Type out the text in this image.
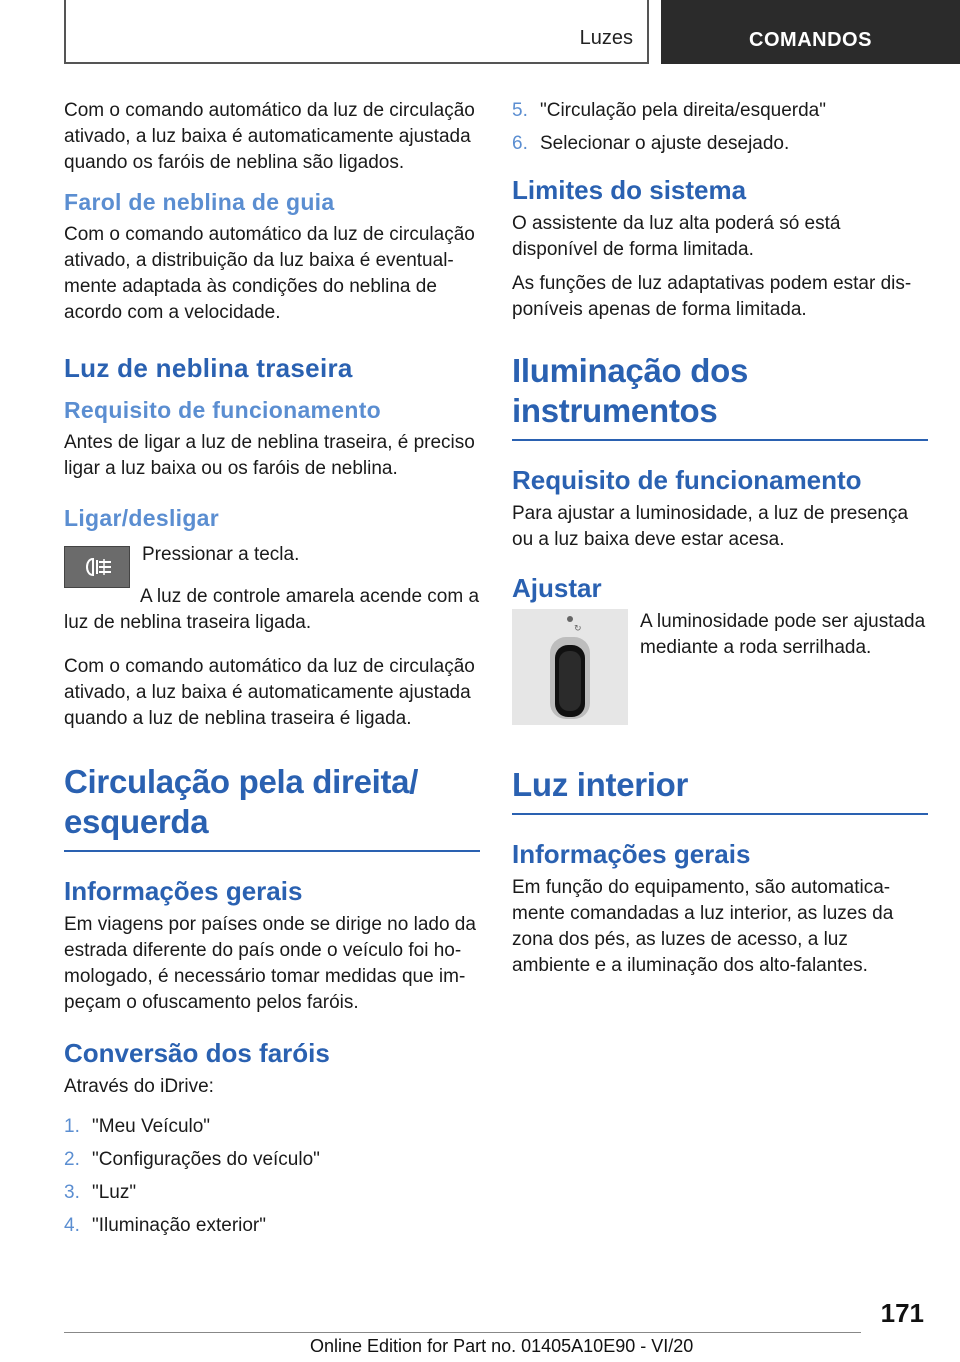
Luzes	COMANDOS

Com o comando automático da luz de circulação ativado, a luz baixa é automaticamente ajustada quando os faróis de neblina são ligados.

Farol de neblina de guia

Com o comando automático da luz de circulação ativado, a distribuição da luz baixa é eventual-mente adaptada às condições do neblina de acordo com a velocidade.

Luz de neblina traseira
Requisito de funcionamento

Antes de ligar a luz de neblina traseira, é preciso ligar a luz baixa ou os faróis de neblina.

Ligar/desligar

Pressionar a tecla.

A luz de controle amarela acende com a luz de neblina traseira ligada.

Com o comando automático da luz de circulação ativado, a luz baixa é automaticamente ajustada quando a luz de neblina traseira é ligada.

Circulação pela direita/ esquerda
Informações gerais

Em viagens por países onde se dirige no lado da estrada diferente do país onde o veículo foi ho-mologado, é necessário tomar medidas que im-peçam o ofuscamento pelos faróis.

Conversão dos faróis

Através do iDrive:

1. "Meu Veículo"
2. "Configurações do veículo"
3. "Luz"
4. "Iluminação exterior"
5. "Circulação pela direita/esquerda"
6. Selecionar o ajuste desejado.
Limites do sistema

O assistente da luz alta poderá só está disponível de forma limitada.

As funções de luz adaptativas podem estar dis-poníveis apenas de forma limitada.

Iluminação dos instrumentos
Requisito de funcionamento

Para ajustar a luminosidade, a luz de presença ou a luz baixa deve estar acesa.

Ajustar
↻	A luminosidade pode ser ajustada mediante a roda serrilhada.

Luz interior
Informações gerais

Em função do equipamento, são automatica-mente comandadas a luz interior, as luzes da zona dos pés, as luzes de acesso, a luz ambiente e a iluminação dos alto-falantes.

171
Online Edition for Part no. 01405A10E90 - VI/20
